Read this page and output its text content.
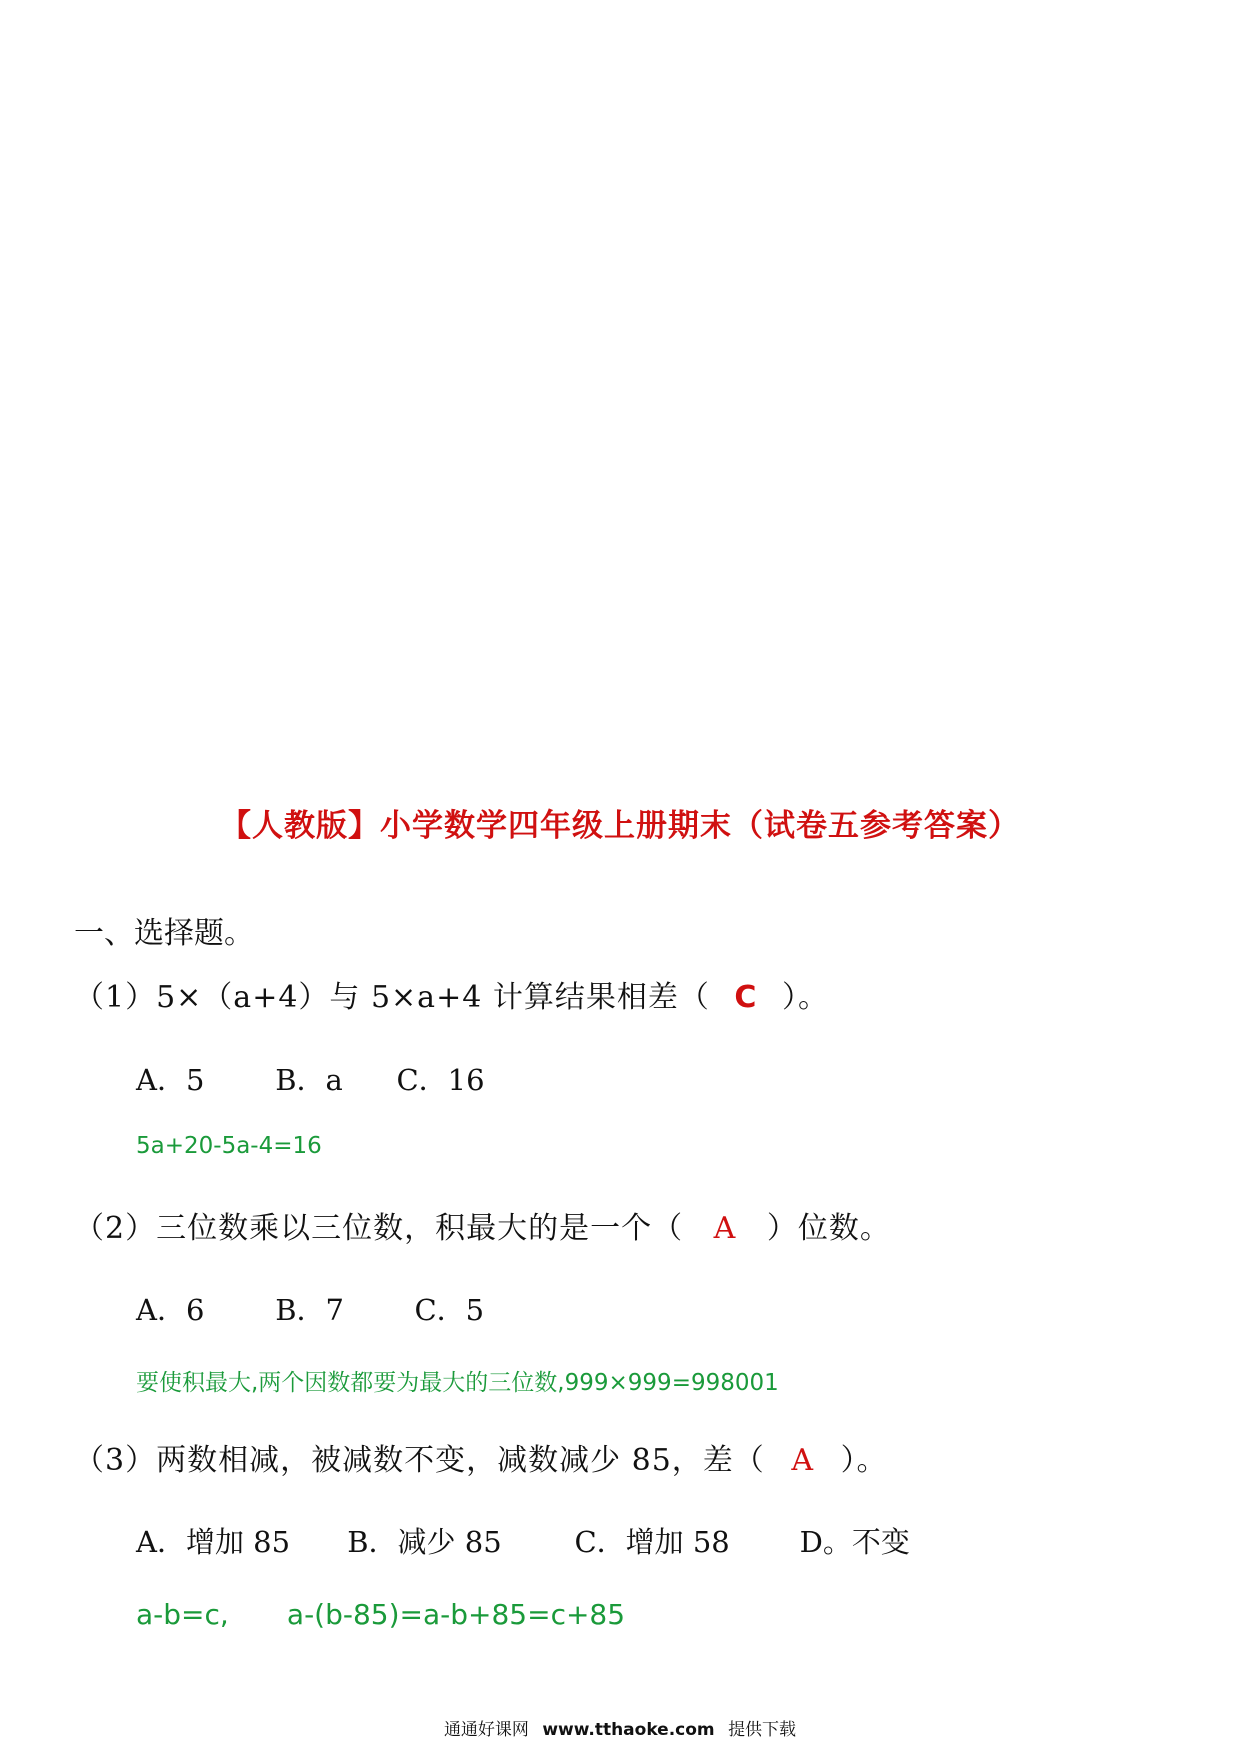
【人教版】小学数学四年级上册期末（试卷五参考答案）
一、选择题。
（1）5×（a+4）与 5×a+4 计算结果相差（ C ）。
A．5 B．a C．16
5a+20-5a-4=16
（2）三位数乘以三位数，积最大的是一个（ A ）位数。
A．6 B．7 C．5
要使积最大,两个因数都要为最大的三位数,999×999=998001
（3）两数相减，被减数不变，减数减少 85，差（ A ）。
A．增加 85 B．减少 85	C．增加 58 D。不变
a-b=c, a-(b-85)=a-b+85=c+85
通通好课网 www.tthaoke.com 提供下载
